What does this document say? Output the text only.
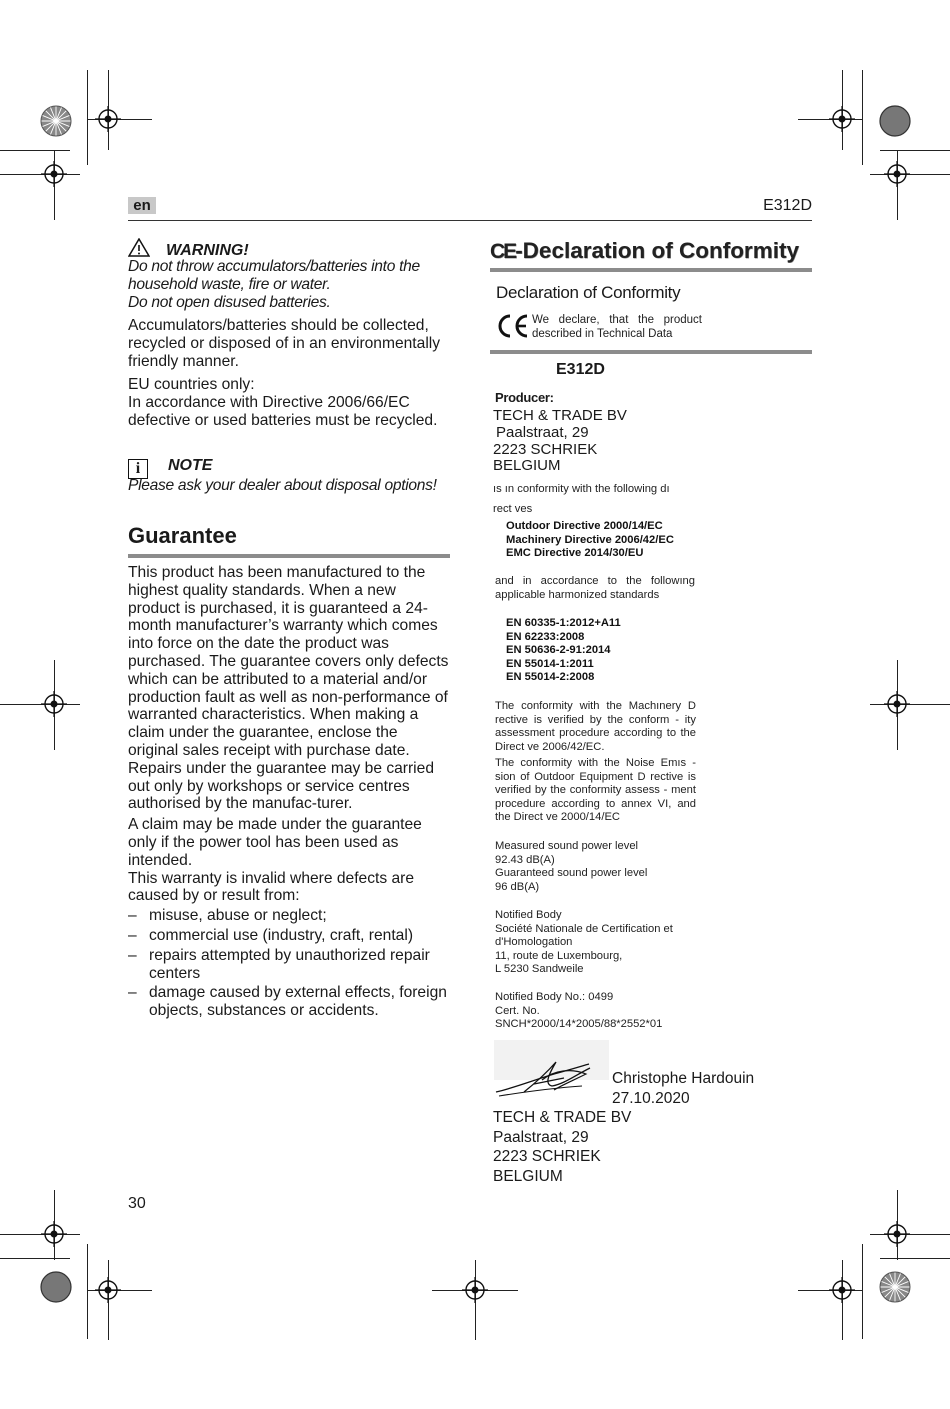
en	E312D
WARNING!

Do not throw accumulators/batteries into the household waste, fire or water.

Do not open disused batteries.

Accumulators/batteries should be collected, recycled or disposed of in an environmentally friendly manner.
EU countries only:
In accordance with Directive 2006/66/EC defective or used batteries must be recycled.
i NOTE
Please ask your dealer about disposal options!
Guarantee

This product has been manufactured to the highest quality standards. When a new product is purchased, it is guaranteed a 24-month manufacturer’s warranty which comes into force on the date the product was purchased. The guarantee covers only defects which can be attributed to a material and/or production fault as well as non-performance of warranted characteristics. When making a claim under the guarantee, enclose the original sales receipt with purchase date. Repairs under the guarantee may be carried out only by workshops or service centres authorised by the manufac-turer.

A claim may be made under the guarantee only if the power tool has been used as intended.

This warranty is invalid where defects are caused by or result from:

– misuse, abuse or neglect;
– commercial use (industry, craft, rental)
– repairs attempted by unauthorized repair centers
– damage caused by external effects, foreign objects, substances or accidents.
30
CE-Declaration of Conformity
Declaration of Conformity
We declare, that the product described in Technical Data
E312D
Producer:
TECH & TRADE BV
Paalstraat, 29
2223 SCHRIEK
BELGIUM
ıs ın conformity with the following dı rect ves
Outdoor Directive 2000/14/EC
Machinery Directive 2006/42/EC
EMC Directive 2014/30/EU
and in accordance to the followıng applicable harmonized standards
EN 60335-1:2012+A11
EN 62233:2008
EN 50636-2-91:2014
EN 55014-1:2011
EN 55014-2:2008
The conformity with the Machınery D rective is verified by the conform - ity assessment procedure according to the Direct ve 2006/42/EC.
The conformity with the Noise Emıs - sion of Outdoor Equipment D rective is verified by the conformity assess - ment procedure according to annex VI, and the Direct ve 2000/14/EC
Measured sound power level
92.43 dB(A)
Guaranteed sound power level
96 dB(A)
Notified Body
Société Nationale de Certification et
d'Homologation
11, route de Luxembourg,
L 5230 Sandweile
Notified Body No.: 0499
Cert. No.
SNCH*2000/14*2005/88*2552*01
Christophe Hardouin
27.10.2020
TECH & TRADE BV
Paalstraat, 29
2223 SCHRIEK
BELGIUM
